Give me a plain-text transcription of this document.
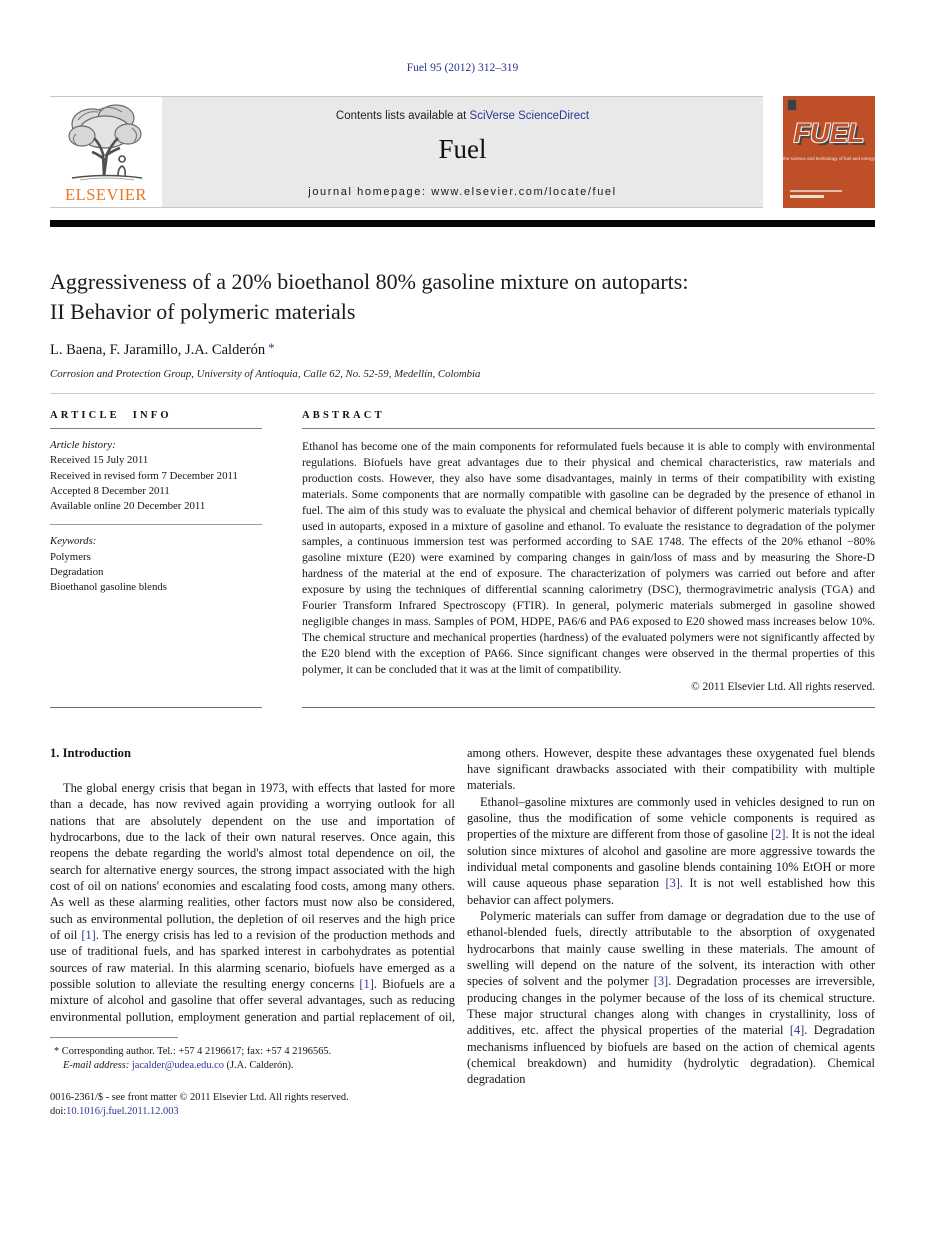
Fuel 95 (2012) 312–319
ELSEVIER
Contents lists available at SciVerse ScienceDirect
Fuel
journal homepage: www.elsevier.com/locate/fuel
FUEL
the science and technology of fuel and energy
Aggressiveness of a 20% bioethanol 80% gasoline mixture on autoparts:
II Behavior of polymeric materials
L. Baena, F. Jaramillo, J.A. Calderón *
Corrosion and Protection Group, University of Antioquia, Calle 62, No. 52-59, Medellín, Colombia
ARTICLE INFO
Article history:
Received 15 July 2011
Received in revised form 7 December 2011
Accepted 8 December 2011
Available online 20 December 2011
Keywords:
Polymers
Degradation
Bioethanol gasoline blends
ABSTRACT
Ethanol has become one of the main components for reformulated fuels because it is able to comply with environmental regulations. Biofuels have great advantages due to their physical and chemical characteristics, raw materials and production costs. However, they also have some disadvantages, mainly in terms of their compatibility with existing materials. Some components that are normally compatible with gasoline can be degraded by the presence of ethanol in fuel. The aim of this study was to evaluate the physical and chemical behavior of different polymeric materials typically used in autoparts, exposed in a mixture of gasoline and ethanol. To evaluate the resistance to degradation of the polymer samples, a continuous immersion test was performed according to SAE 1748. The effects of the 20% ethanol −80% gasoline mixture (E20) were examined by comparing changes in gain/loss of mass and by measuring the Shore-D hardness of the material at the end of exposure. The characterization of polymers was carried out before and after exposure by using the techniques of differential scanning calorimetry (DSC), thermogravimetric analysis (TGA) and Fourier Transform Infrared Spectroscopy (FTIR). In general, polymeric materials submerged in gasoline showed negligible changes in mass. Samples of POM, HDPE, PA6/6 and PA6 exposed to E20 showed mass increases below 10%. The chemical structure and mechanical properties (hardness) of the evaluated polymers were not significantly affected by the E20 blend with the exception of PA66. Since significant changes were observed in the thermal properties of this polymer, it can be concluded that it was at the limit of compatibility.
© 2011 Elsevier Ltd. All rights reserved.
1. Introduction

The global energy crisis that began in 1973, with effects that lasted for more than a decade, has now revived again providing a worrying outlook for all nations that are absolutely dependent on the use and importation of hydrocarbons, due to the lack of their own natural reserves. Once again, this reopens the debate regarding the world's almost total dependence on oil, the search for alternative energy sources, the strong impact associated with the high cost of oil on nations' economies and escalating food costs, among many others. As well as these alarming realities, other factors must now also be considered, such as environmental pollution, the depletion of oil reserves and the high price of oil [1]. The energy crisis has led to a revision of the production methods and use of traditional fuels, and has sparked interest in carbohydrates as potential sources of raw material. In this alarming scenario, biofuels have emerged as a possible solution to alleviate the resulting energy concerns [1]. Biofuels are a mixture of alcohol and gasoline that offer several advantages, such as reducing environmental pollution, employment generation and partial replacement of oil,

* Corresponding author. Tel.: +57 4 2196617; fax: +57 4 2196565.
E-mail address: jacalder@udea.edu.co (J.A. Calderón).
0016-2361/$ - see front matter © 2011 Elsevier Ltd. All rights reserved.
doi:10.1016/j.fuel.2011.12.003

among others. However, despite these advantages these oxygenated fuel blends have significant drawbacks associated with their compatibility with multiple materials.

Ethanol–gasoline mixtures are commonly used in vehicles designed to run on gasoline, thus the modification of some vehicle components is required as properties of the mixture are different from those of gasoline [2]. It is not the ideal solution since mixtures of alcohol and gasoline are more aggressive towards the individual metal components and gasoline blends containing 10% EtOH or more will cause aqueous phase separation [3]. It is not well established how this behavior can affect polymers.

Polymeric materials can suffer from damage or degradation due to the use of ethanol-blended fuels, directly attributable to the absorption of oxygenated hydrocarbons that mainly cause swelling in these materials. The amount of swelling will depend on the nature of the solvent, its interaction with other species of solvent and the polymer [3]. Degradation processes are irreversible, producing changes in the polymer because of the loss of its chemical structure. These major structural changes along with changes in crystallinity, loss of additives, etc. affect the physical properties of the material [4]. Degradation mechanisms influenced by biofuels are based on the action of chemical agents (chemical breakdown) and humidity (hydrolytic degradation). Chemical degradation
